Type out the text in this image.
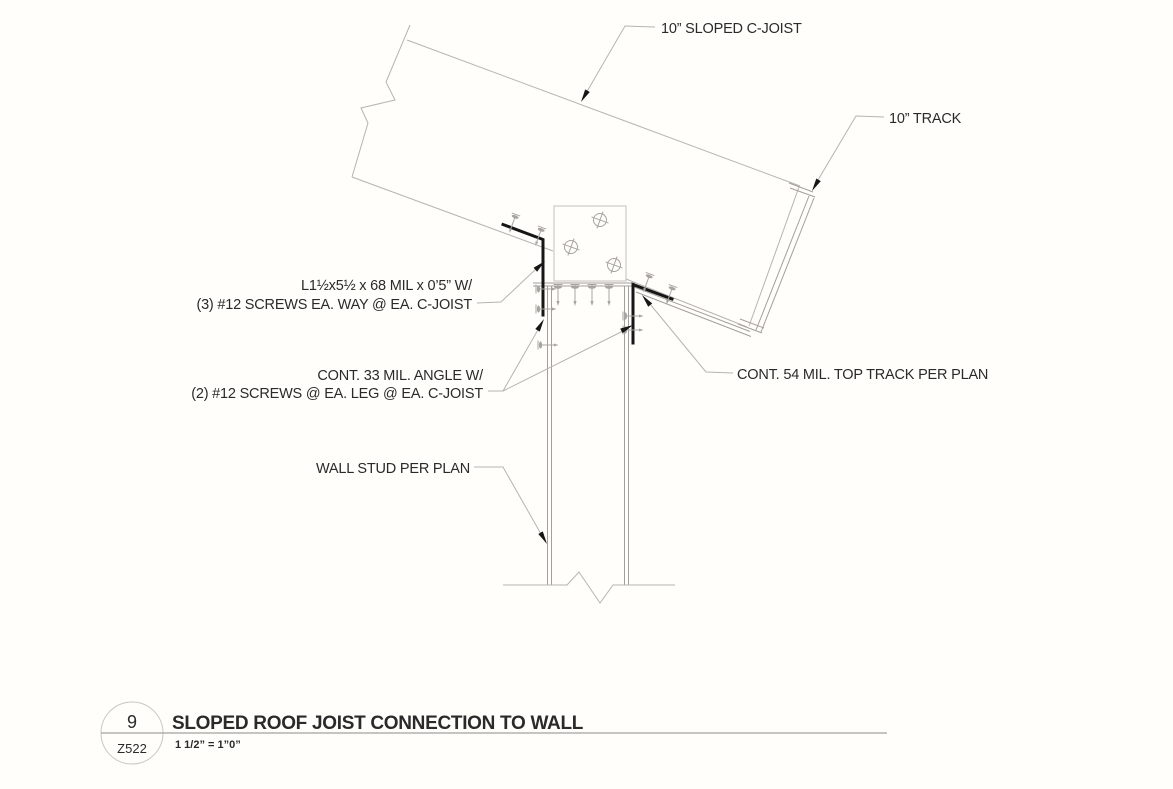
10” SLOPED C-JOIST
10” TRACK
L1½x5½ x 68 MIL x 0’5” W/
(3) #12 SCREWS EA. WAY @ EA. C-JOIST
CONT. 33 MIL. ANGLE W/
(2) #12 SCREWS @ EA. LEG @ EA. C-JOIST
CONT. 54 MIL. TOP TRACK PER PLAN
WALL STUD PER PLAN
9
Z522
SLOPED ROOF JOIST CONNECTION TO WALL
1 1/2” = 1”0”
